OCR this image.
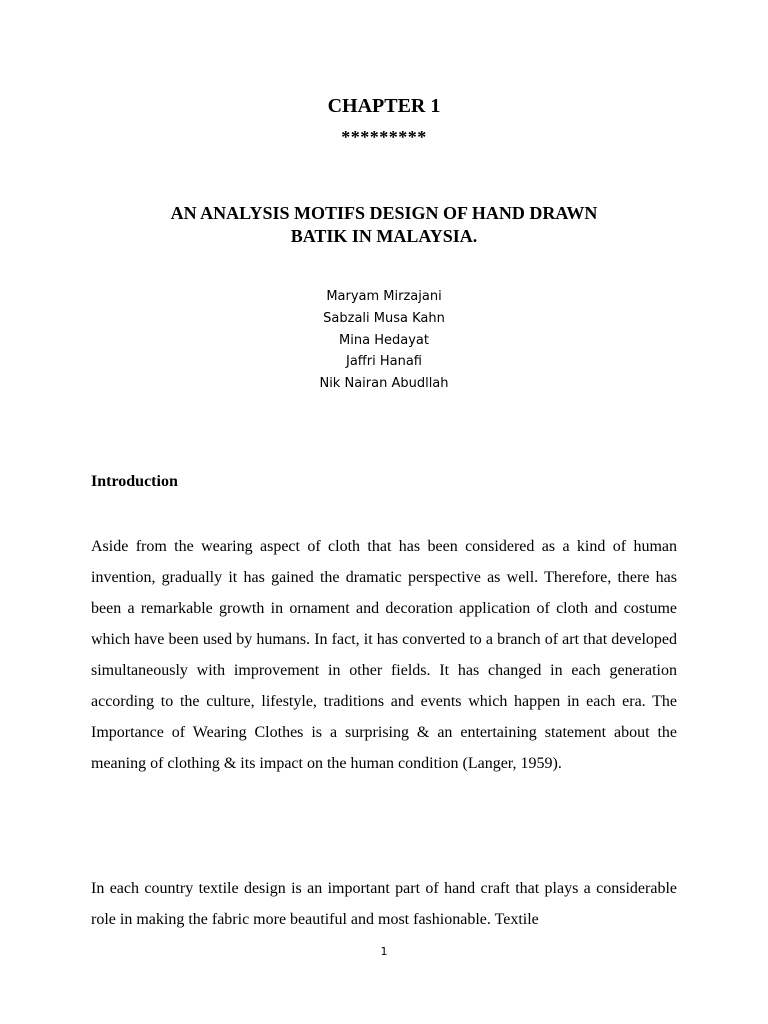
CHAPTER 1
*********
AN ANALYSIS MOTIFS DESIGN OF HAND DRAWN
BATIK IN MALAYSIA.
Maryam Mirzajani
Sabzali Musa Kahn
Mina Hedayat
Jaffri Hanafi
Nik Nairan Abudllah
Introduction
Aside from the wearing aspect of cloth that has been considered as a kind of human invention, gradually it has gained the dramatic perspective as well. Therefore, there has been a remarkable growth in ornament and decoration application of cloth and costume which have been used by humans. In fact, it has converted to a branch of art that developed simultaneously with improvement in other fields. It has changed in each generation according to the culture, lifestyle, traditions and events which happen in each era. The Importance of Wearing Clothes is a surprising & an entertaining statement about the meaning of clothing & its impact on the human condition (Langer, 1959).
In each country textile design is an important part of hand craft that plays a considerable role in making the fabric more beautiful and most fashionable. Textile
1
